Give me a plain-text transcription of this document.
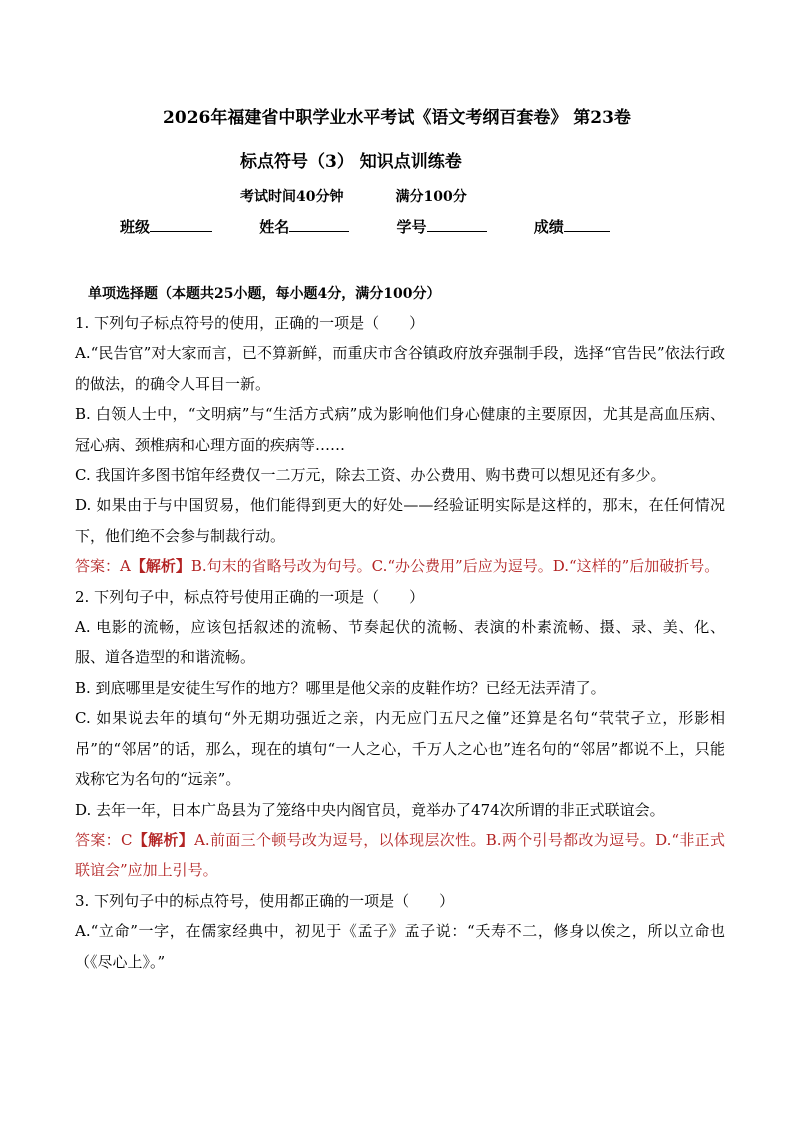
2026年福建省中职学业水平考试《语文考纲百套卷》 第23卷
标点符号（3） 知识点训练卷
考试时间40分钟	满分100分
班级	姓名	学号	成绩
单项选择题（本题共25小题，每小题4分，满分100分）

1. 下列句子标点符号的使用，正确的一项是（　　）

A.“民告官”对大家而言，已不算新鲜，而重庆市含谷镇政府放弃强制手段，选择“官告民”依法行政的做法，的确令人耳目一新。

B. 白领人士中，“文明病”与“生活方式病”成为影响他们身心健康的主要原因，尤其是高血压病、冠心病、颈椎病和心理方面的疾病等……

C. 我国许多图书馆年经费仅一二万元，除去工资、办公费用、购书费可以想见还有多少。

D. 如果由于与中国贸易，他们能得到更大的好处——经验证明实际是这样的，那末，在任何情况下，他们绝不会参与制裁行动。

答案：A【解析】B.句末的省略号改为句号。C.“办公费用”后应为逗号。D.“这样的”后加破折号。

2. 下列句子中，标点符号使用正确的一项是（　　）

A. 电影的流畅，应该包括叙述的流畅、节奏起伏的流畅、表演的朴素流畅、摄、录、美、化、服、道各造型的和谐流畅。

B. 到底哪里是安徒生写作的地方？哪里是他父亲的皮鞋作坊？已经无法弄清了。

C. 如果说去年的填句“外无期功强近之亲，内无应门五尺之僮”还算是名句“茕茕孑立，形影相吊”的“邻居”的话，那么，现在的填句“一人之心，千万人之心也”连名句的“邻居”都说不上，只能戏称它为名句的“远亲”。

D. 去年一年，日本广岛县为了笼络中央内阁官员，竟举办了474次所谓的非正式联谊会。

答案：C【解析】A.前面三个顿号改为逗号，以体现层次性。B.两个引号都改为逗号。D.“非正式联谊会”应加上引号。

3. 下列句子中的标点符号，使用都正确的一项是（　　）

A.“立命”一字，在儒家经典中，初见于《孟子》孟子说：“夭寿不二，修身以俟之，所以立命也（《尽心上》。”
